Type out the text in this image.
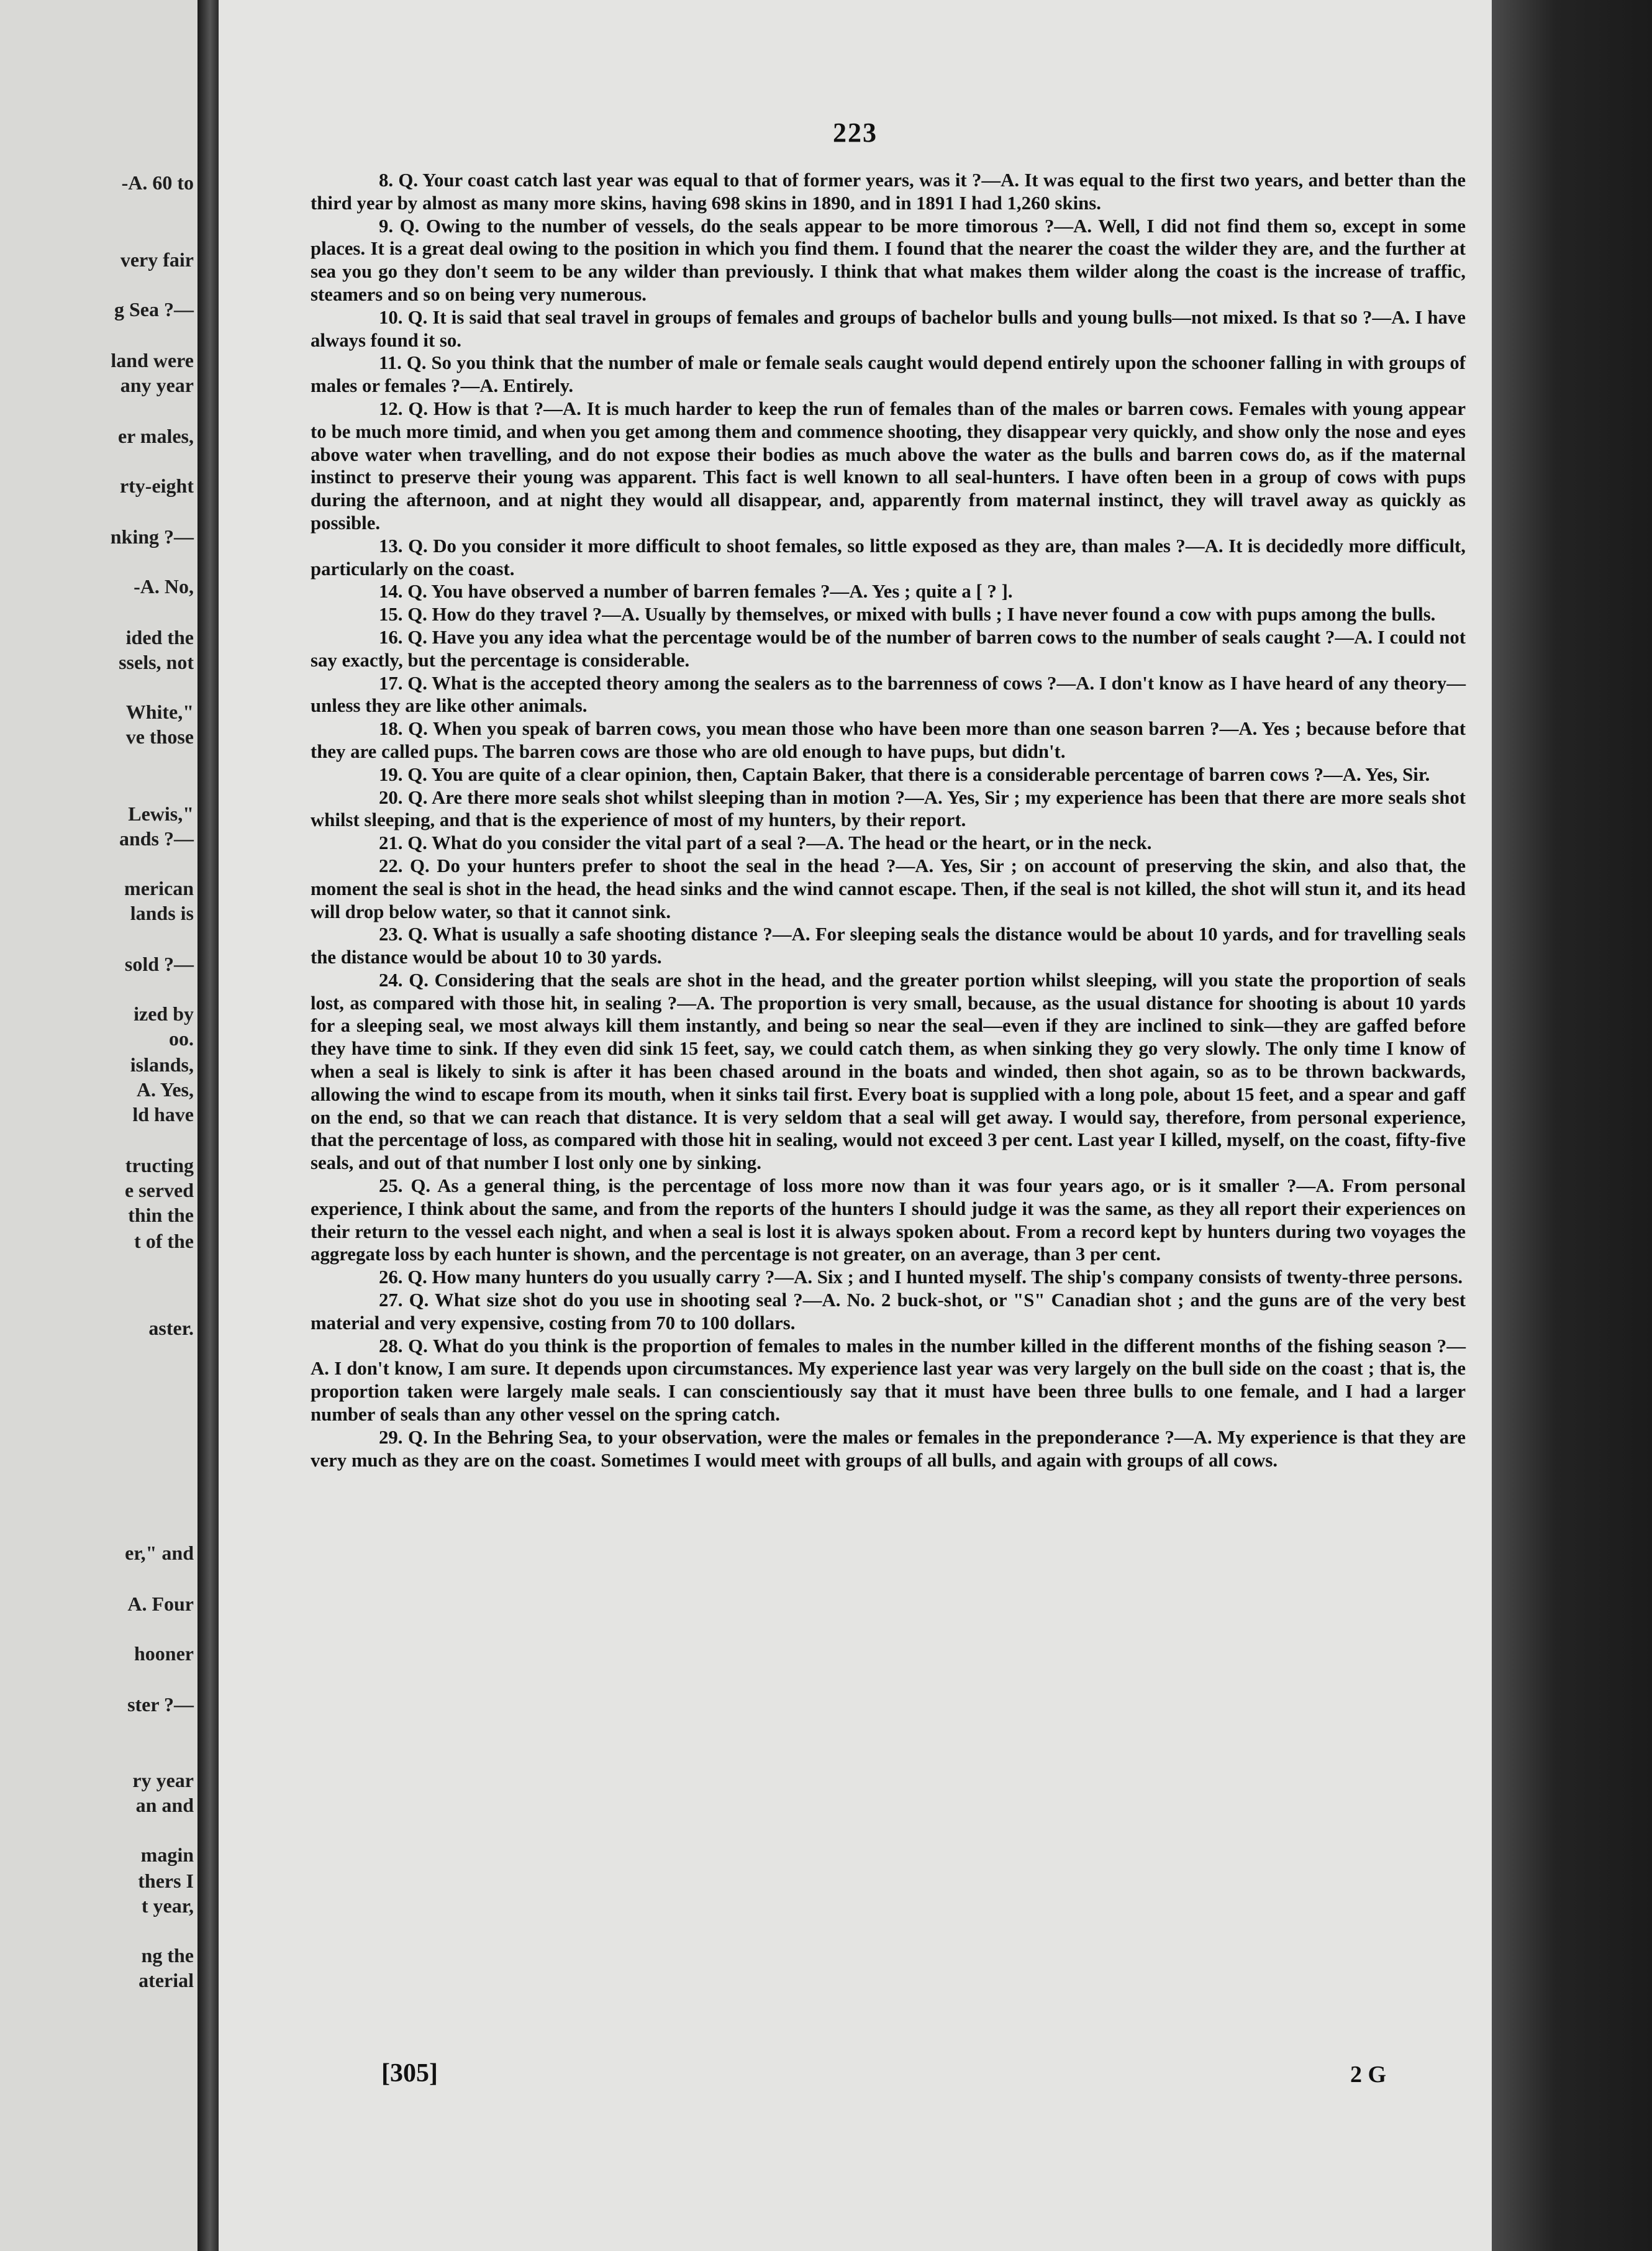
-A. 60 to
very fair
g Sea ?—
land were
any year
er males,
rty-eight
nking ?—
-A. No,
ided the
ssels, not
White,"
ve those
Lewis,"
ands ?—
merican
lands is
sold ?—
ized by
oo.
islands,
A. Yes,
ld have
tructing
e served
thin the
t of the
aster.
er," and
A. Four
hooner
ster ?—
ry year
an and
magin
thers I
t year,
ng the
aterial
223

8. Q. Your coast catch last year was equal to that of former years, was it ?—A. It was equal to the first two years, and better than the third year by almost as many more skins, having 698 skins in 1890, and in 1891 I had 1,260 skins.

9. Q. Owing to the number of vessels, do the seals appear to be more timorous ?—A. Well, I did not find them so, except in some places. It is a great deal owing to the position in which you find them. I found that the nearer the coast the wilder they are, and the further at sea you go they don't seem to be any wilder than previously. I think that what makes them wilder along the coast is the increase of traffic, steamers and so on being very numerous.

10. Q. It is said that seal travel in groups of females and groups of bachelor bulls and young bulls—not mixed. Is that so ?—A. I have always found it so.

11. Q. So you think that the number of male or female seals caught would depend entirely upon the schooner falling in with groups of males or females ?—A. Entirely.

12. Q. How is that ?—A. It is much harder to keep the run of females than of the males or barren cows. Females with young appear to be much more timid, and when you get among them and commence shooting, they disappear very quickly, and show only the nose and eyes above water when travelling, and do not expose their bodies as much above the water as the bulls and barren cows do, as if the maternal instinct to preserve their young was apparent. This fact is well known to all seal-hunters. I have often been in a group of cows with pups during the afternoon, and at night they would all disappear, and, apparently from maternal instinct, they will travel away as quickly as possible.

13. Q. Do you consider it more difficult to shoot females, so little exposed as they are, than males ?—A. It is decidedly more difficult, particularly on the coast.

14. Q. You have observed a number of barren females ?—A. Yes ; quite a [ ? ].

15. Q. How do they travel ?—A. Usually by themselves, or mixed with bulls ; I have never found a cow with pups among the bulls.

16. Q. Have you any idea what the percentage would be of the number of barren cows to the number of seals caught ?—A. I could not say exactly, but the percentage is considerable.

17. Q. What is the accepted theory among the sealers as to the barrenness of cows ?—A. I don't know as I have heard of any theory—unless they are like other animals.

18. Q. When you speak of barren cows, you mean those who have been more than one season barren ?—A. Yes ; because before that they are called pups. The barren cows are those who are old enough to have pups, but didn't.

19. Q. You are quite of a clear opinion, then, Captain Baker, that there is a considerable percentage of barren cows ?—A. Yes, Sir.

20. Q. Are there more seals shot whilst sleeping than in motion ?—A. Yes, Sir ; my experience has been that there are more seals shot whilst sleeping, and that is the experience of most of my hunters, by their report.

21. Q. What do you consider the vital part of a seal ?—A. The head or the heart, or in the neck.

22. Q. Do your hunters prefer to shoot the seal in the head ?—A. Yes, Sir ; on account of preserving the skin, and also that, the moment the seal is shot in the head, the head sinks and the wind cannot escape. Then, if the seal is not killed, the shot will stun it, and its head will drop below water, so that it cannot sink.

23. Q. What is usually a safe shooting distance ?—A. For sleeping seals the distance would be about 10 yards, and for travelling seals the distance would be about 10 to 30 yards.

24. Q. Considering that the seals are shot in the head, and the greater portion whilst sleeping, will you state the proportion of seals lost, as compared with those hit, in sealing ?—A. The proportion is very small, because, as the usual distance for shooting is about 10 yards for a sleeping seal, we most always kill them instantly, and being so near the seal—even if they are inclined to sink—they are gaffed before they have time to sink. If they even did sink 15 feet, say, we could catch them, as when sinking they go very slowly. The only time I know of when a seal is likely to sink is after it has been chased around in the boats and winded, then shot again, so as to be thrown backwards, allowing the wind to escape from its mouth, when it sinks tail first. Every boat is supplied with a long pole, about 15 feet, and a spear and gaff on the end, so that we can reach that distance. It is very seldom that a seal will get away. I would say, therefore, from personal experience, that the percentage of loss, as compared with those hit in sealing, would not exceed 3 per cent. Last year I killed, myself, on the coast, fifty-five seals, and out of that number I lost only one by sinking.

25. Q. As a general thing, is the percentage of loss more now than it was four years ago, or is it smaller ?—A. From personal experience, I think about the same, and from the reports of the hunters I should judge it was the same, as they all report their experiences on their return to the vessel each night, and when a seal is lost it is always spoken about. From a record kept by hunters during two voyages the aggregate loss by each hunter is shown, and the percentage is not greater, on an average, than 3 per cent.

26. Q. How many hunters do you usually carry ?—A. Six ; and I hunted myself. The ship's company consists of twenty-three persons.

27. Q. What size shot do you use in shooting seal ?—A. No. 2 buck-shot, or "S" Canadian shot ; and the guns are of the very best material and very expensive, costing from 70 to 100 dollars.

28. Q. What do you think is the proportion of females to males in the number killed in the different months of the fishing season ?—A. I don't know, I am sure. It depends upon circumstances. My experience last year was very largely on the bull side on the coast ; that is, the proportion taken were largely male seals. I can conscientiously say that it must have been three bulls to one female, and I had a larger number of seals than any other vessel on the spring catch.

29. Q. In the Behring Sea, to your observation, were the males or females in the preponderance ?—A. My experience is that they are very much as they are on the coast. Sometimes I would meet with groups of all bulls, and again with groups of all cows.

[305]	2 G
